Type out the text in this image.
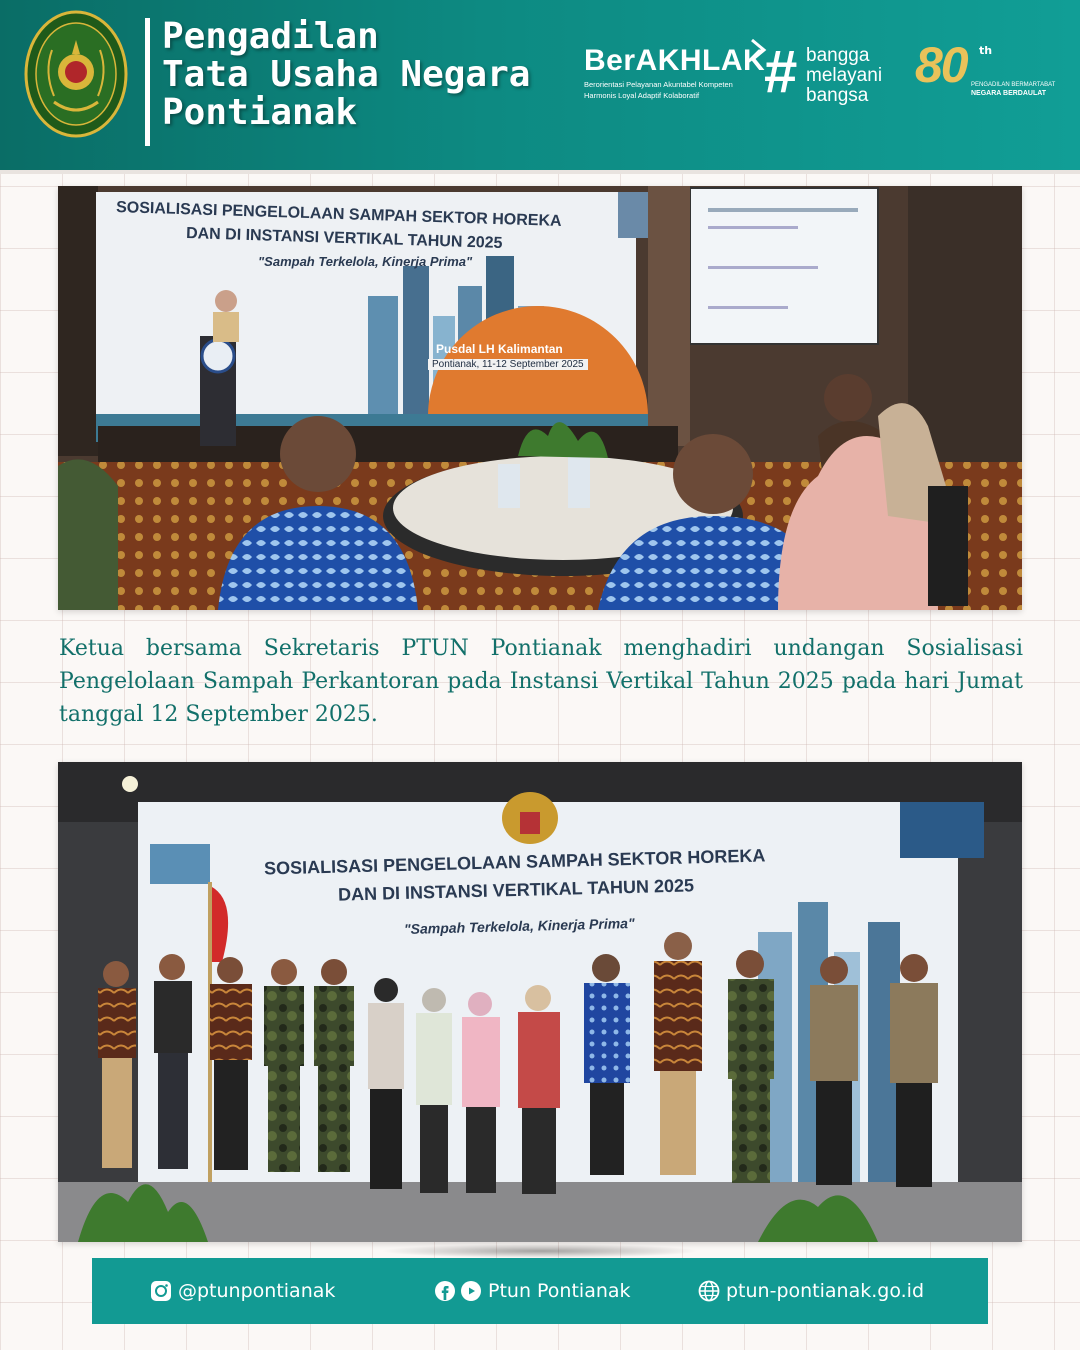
Pengadilan
Tata Usaha Negara
Pontianak
BerAKHLAK
Berorientasi Pelayanan Akuntabel Kompeten
Harmonis Loyal Adaptif Kolaboratif	# bangga
melayani
bangsa
80 th
PENGADILAN BERMARTABAT
NEGARA BERDAULAT
SOSIALISASI PENGELOLAAN SAMPAH SEKTOR HOREKA
DAN DI INSTANSI VERTIKAL TAHUN 2025
"Sampah Terkelola, Kinerja Prima"
Pusdal LH Kalimantan
Pontianak, 11-12 September 2025
Ketua bersama Sekretaris PTUN Pontianak menghadiri undangan Sosialisasi Pengelolaan Sampah Perkantoran pada Instansi Vertikal Tahun 2025 pada hari Jumat tanggal 12 September 2025.
SOSIALISASI PENGELOLAAN SAMPAH SEKTOR HOREKA
DAN DI INSTANSI VERTIKAL TAHUN 2025
"Sampah Terkelola, Kinerja Prima"
@ptunpontianak	Ptun Pontianak	ptun-pontianak.go.id
